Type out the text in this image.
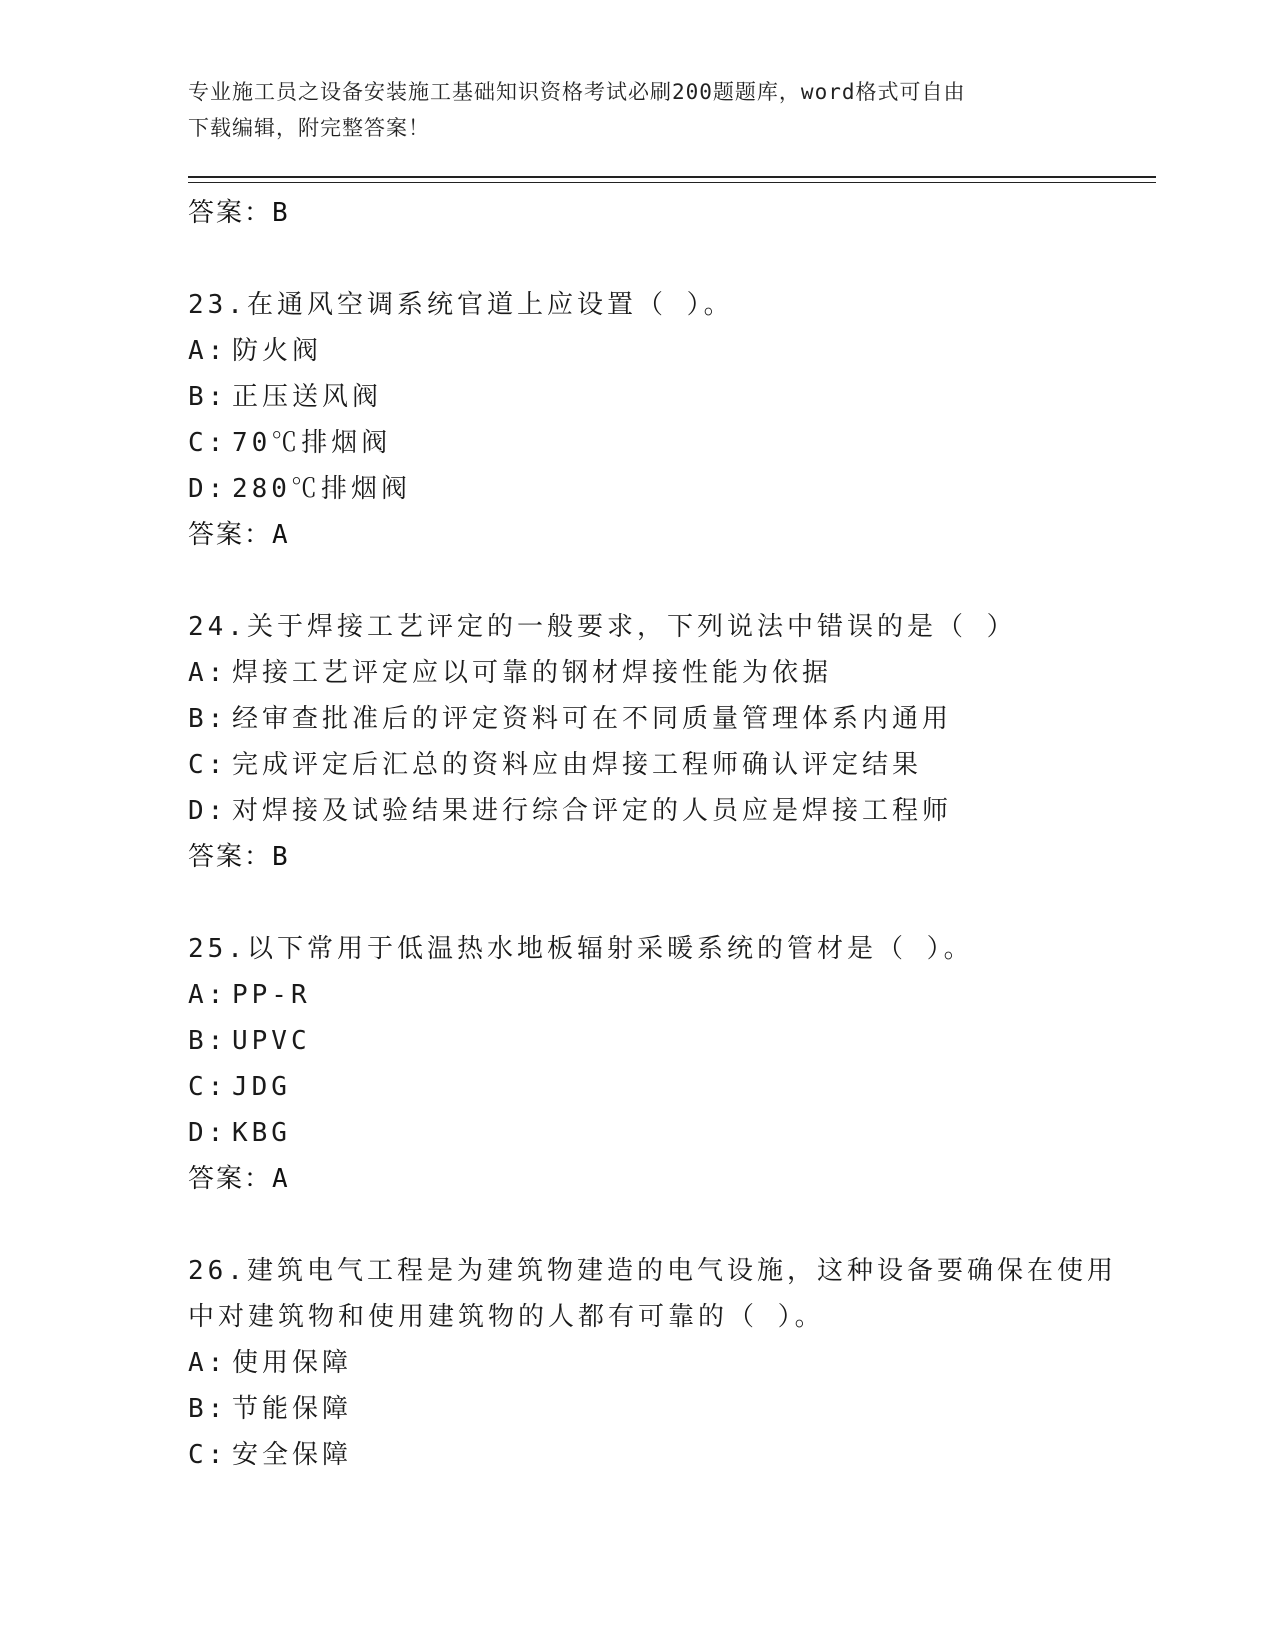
专业施工员之设备安装施工基础知识资格考试必刷200题题库，word格式可自由
下载编辑，附完整答案！
答案：B
23.在通风空调系统官道上应设置（ ）。
A: 防火阀
B: 正压送风阀
C: 70℃排烟阀
D: 280℃排烟阀
答案：A
24.关于焊接工艺评定的一般要求，下列说法中错误的是（ ）
A: 焊接工艺评定应以可靠的钢材焊接性能为依据
B: 经审查批准后的评定资料可在不同质量管理体系内通用
C: 完成评定后汇总的资料应由焊接工程师确认评定结果
D: 对焊接及试验结果进行综合评定的人员应是焊接工程师
答案：B
25.以下常用于低温热水地板辐射采暖系统的管材是（ ）。
A: PP-R
B: UPVC
C: JDG
D: KBG
答案：A
26.建筑电气工程是为建筑物建造的电气设施，这种设备要确保在使用
中对建筑物和使用建筑物的人都有可靠的（ ）。
A: 使用保障
B: 节能保障
C: 安全保障
